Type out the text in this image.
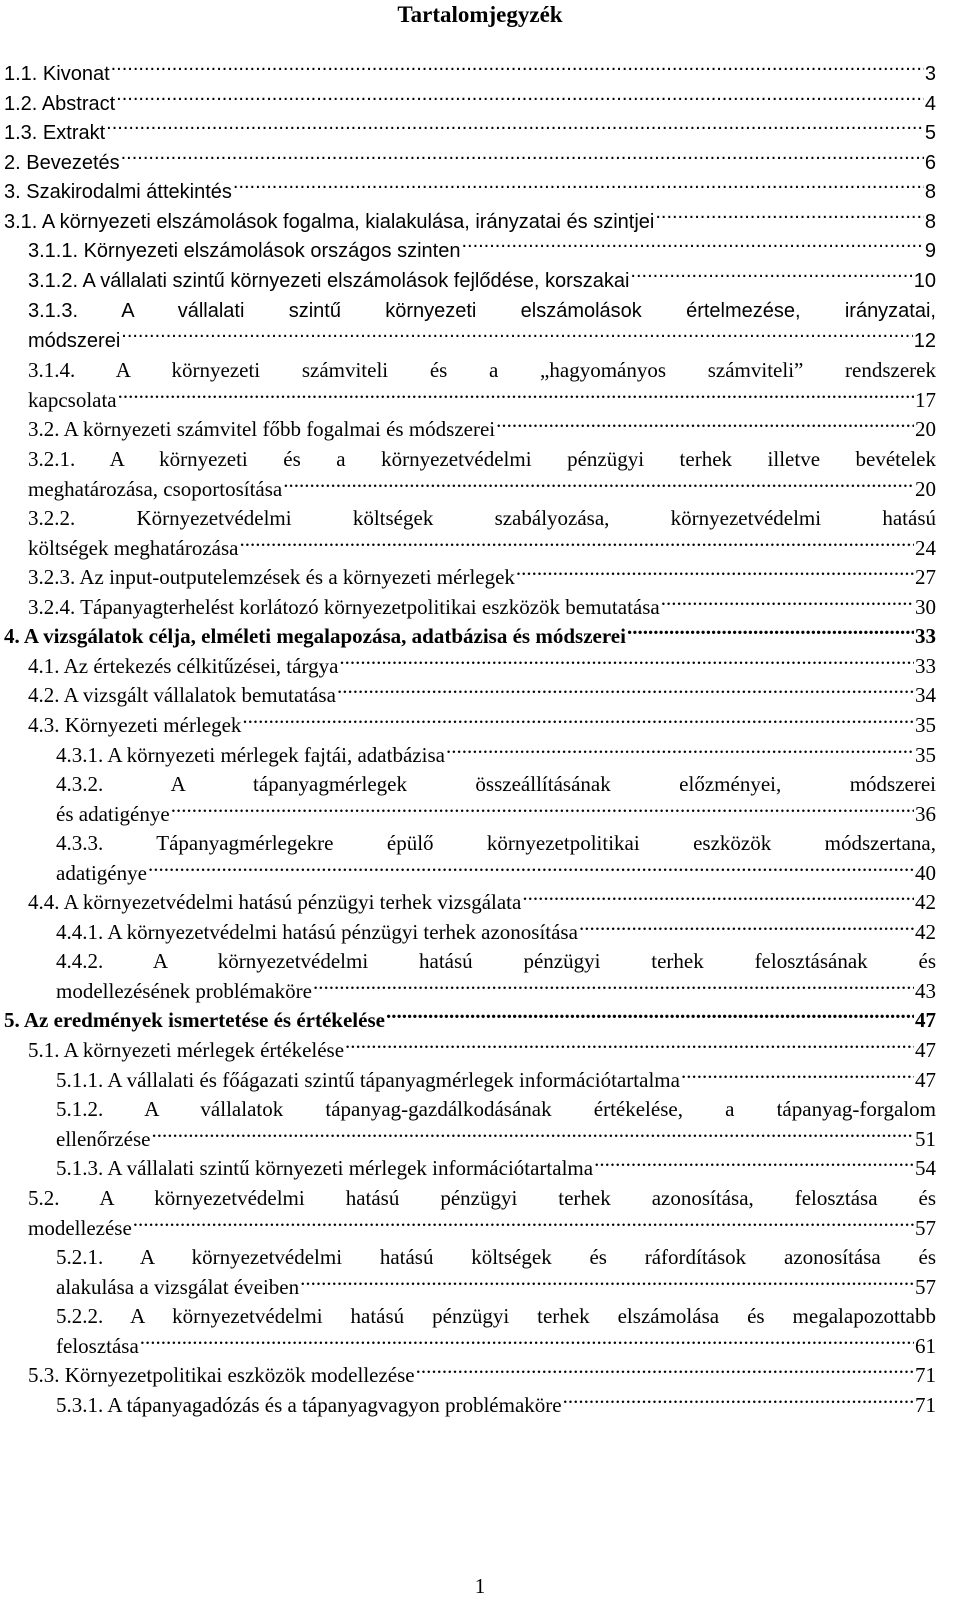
Tartalomjegyzék
1.1. Kivonat .....	3
1.2. Abstract .....	4
1.3. Extrakt .....	5
2. Bevezetés .....	6
3. Szakirodalmi áttekintés .....	8
3.1. A környezeti elszámolások fogalma, kialakulása, irányzatai és szintjei .....	8
3.1.1. Környezeti elszámolások országos szinten .....	9
3.1.2. A vállalati szintű környezeti elszámolások fejlődése, korszakai .....	10
3.1.3. A vállalati szintű környezeti elszámolások értelmezése, irányzatai,
módszerei .....	12
3.1.4. A környezeti számviteli és a „hagyományos számviteli” rendszerek
kapcsolata .....	17
3.2. A környezeti számvitel főbb fogalmai és módszerei .....	20
3.2.1. A környezeti és a környezetvédelmi pénzügyi terhek illetve bevételek
meghatározása, csoportosítása .....	20
3.2.2. Környezetvédelmi költségek szabályozása, környezetvédelmi hatású
költségek meghatározása .....	24
3.2.3. Az input-outputelemzések és a környezeti mérlegek .....	27
3.2.4. Tápanyagterhelést korlátozó környezetpolitikai eszközök bemutatása .....	30
4. A vizsgálatok célja, elméleti megalapozása, adatbázisa és módszerei .....	33
4.1. Az értekezés célkitűzései, tárgya .....	33
4.2. A vizsgált vállalatok bemutatása .....	34
4.3. Környezeti mérlegek .....	35
4.3.1. A környezeti mérlegek fajtái, adatbázisa .....	35
4.3.2. A tápanyagmérlegek összeállításának előzményei, módszerei
és adatigénye .....	36
4.3.3. Tápanyagmérlegekre épülő környezetpolitikai eszközök módszertana,
adatigénye .....	40
4.4. A környezetvédelmi hatású pénzügyi terhek vizsgálata .....	42
4.4.1. A környezetvédelmi hatású pénzügyi terhek azonosítása .....	42
4.4.2. A környezetvédelmi hatású pénzügyi terhek felosztásának és
modellezésének problémaköre .....	43
5. Az eredmények ismertetése és értékelése .....	47
5.1. A környezeti mérlegek értékelése .....	47
5.1.1. A vállalati és főágazati szintű tápanyagmérlegek információtartalma .....	47
5.1.2. A vállalatok tápanyag-gazdálkodásának értékelése, a tápanyag-forgalom
ellenőrzése .....	51
5.1.3. A vállalati szintű környezeti mérlegek információtartalma .....	54
5.2. A környezetvédelmi hatású pénzügyi terhek azonosítása, felosztása és
modellezése .....	57
5.2.1. A környezetvédelmi hatású költségek és ráfordítások azonosítása és
alakulása a vizsgálat éveiben .....	57
5.2.2. A környezetvédelmi hatású pénzügyi terhek elszámolása és megalapozottabb
felosztása .....	61
5.3. Környezetpolitikai eszközök modellezése .....	71
5.3.1. A tápanyagadózás és a tápanyagvagyon problémaköre .....	71
1
